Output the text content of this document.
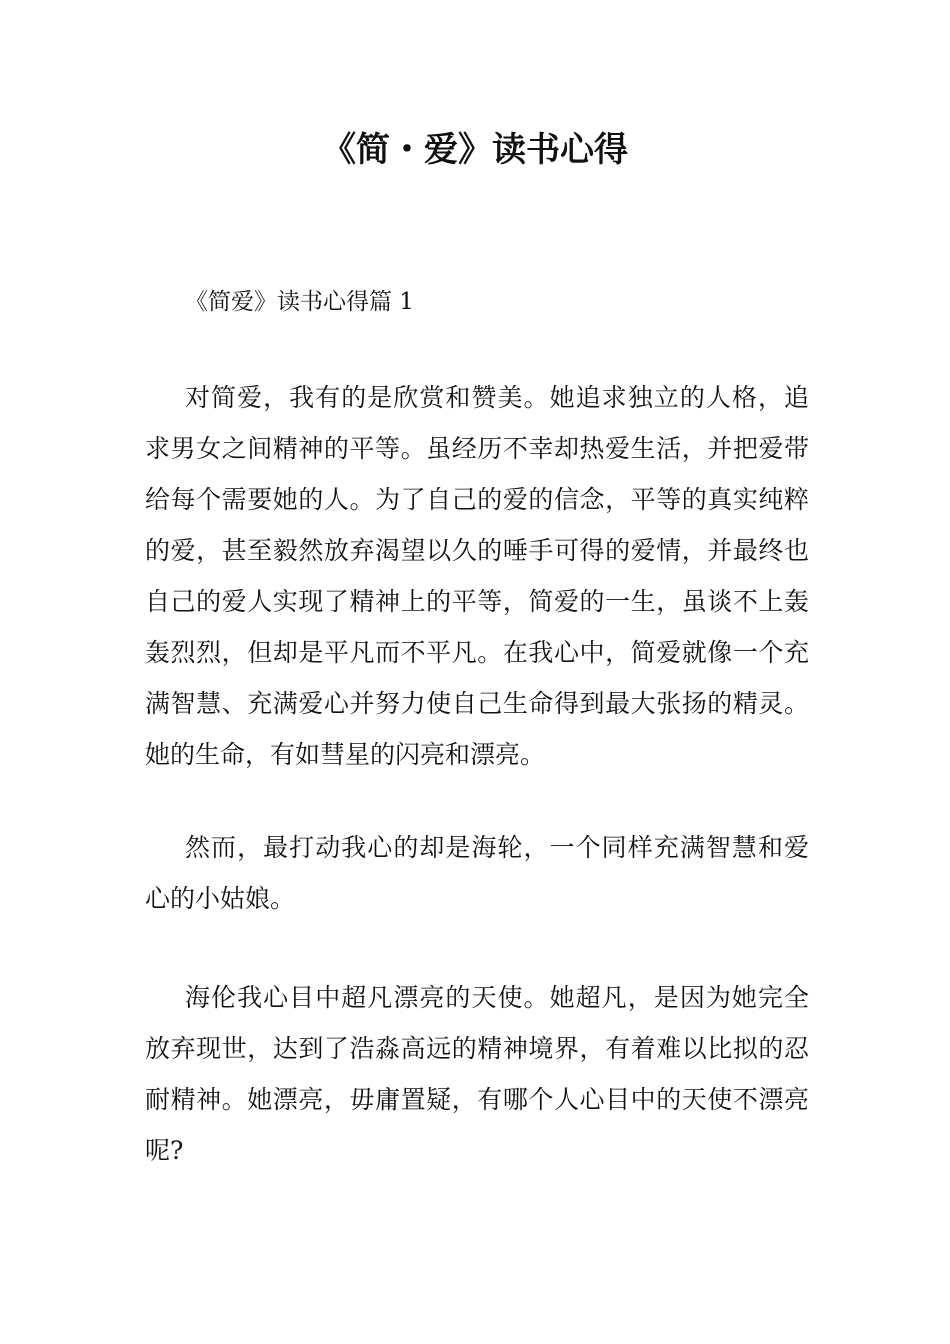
《简・爱》读书心得
《简爱》读书心得篇 1

对简爱，我有的是欣赏和赞美。她追求独立的人格，追求男女之间精神的平等。虽经历不幸却热爱生活，并把爱带给每个需要她的人。为了自己的爱的信念，平等的真实纯粹的爱，甚至毅然放弃渴望以久的唾手可得的爱情，并最终也自己的爱人实现了精神上的平等，简爱的一生，虽谈不上轰轰烈烈，但却是平凡而不平凡。在我心中，简爱就像一个充满智慧、充满爱心并努力使自己生命得到最大张扬的精灵。她的生命，有如彗星的闪亮和漂亮。

然而，最打动我心的却是海轮，一个同样充满智慧和爱心的小姑娘。

海伦我心目中超凡漂亮的天使。她超凡，是因为她完全放弃现世，达到了浩淼高远的精神境界，有着难以比拟的忍耐精神。她漂亮，毋庸置疑，有哪个人心目中的天使不漂亮呢?
